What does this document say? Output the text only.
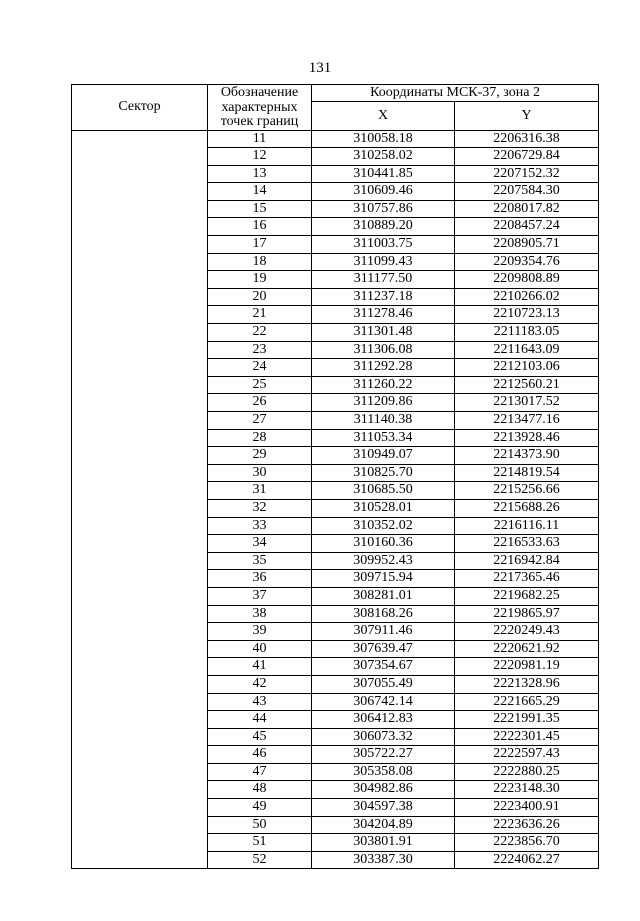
131
Сектор	Обозначение характерных точек границ	Координаты МСК-37, зона 2	
		X	Y
	11	310058.18	2206316.38
	12	310258.02	2206729.84
	13	310441.85	2207152.32
	14	310609.46	2207584.30
	15	310757.86	2208017.82
	16	310889.20	2208457.24
	17	311003.75	2208905.71
	18	311099.43	2209354.76
	19	311177.50	2209808.89
	20	311237.18	2210266.02
	21	311278.46	2210723.13
	22	311301.48	2211183.05
	23	311306.08	2211643.09
	24	311292.28	2212103.06
	25	311260.22	2212560.21
	26	311209.86	2213017.52
	27	311140.38	2213477.16
	28	311053.34	2213928.46
	29	310949.07	2214373.90
	30	310825.70	2214819.54
	31	310685.50	2215256.66
	32	310528.01	2215688.26
	33	310352.02	2216116.11
	34	310160.36	2216533.63
	35	309952.43	2216942.84
	36	309715.94	2217365.46
	37	308281.01	2219682.25
	38	308168.26	2219865.97
	39	307911.46	2220249.43
	40	307639.47	2220621.92
	41	307354.67	2220981.19
	42	307055.49	2221328.96
	43	306742.14	2221665.29
	44	306412.83	2221991.35
	45	306073.32	2222301.45
	46	305722.27	2222597.43
	47	305358.08	2222880.25
	48	304982.86	2223148.30
	49	304597.38	2223400.91
	50	304204.89	2223636.26
	51	303801.91	2223856.70
	52	303387.30	2224062.27
